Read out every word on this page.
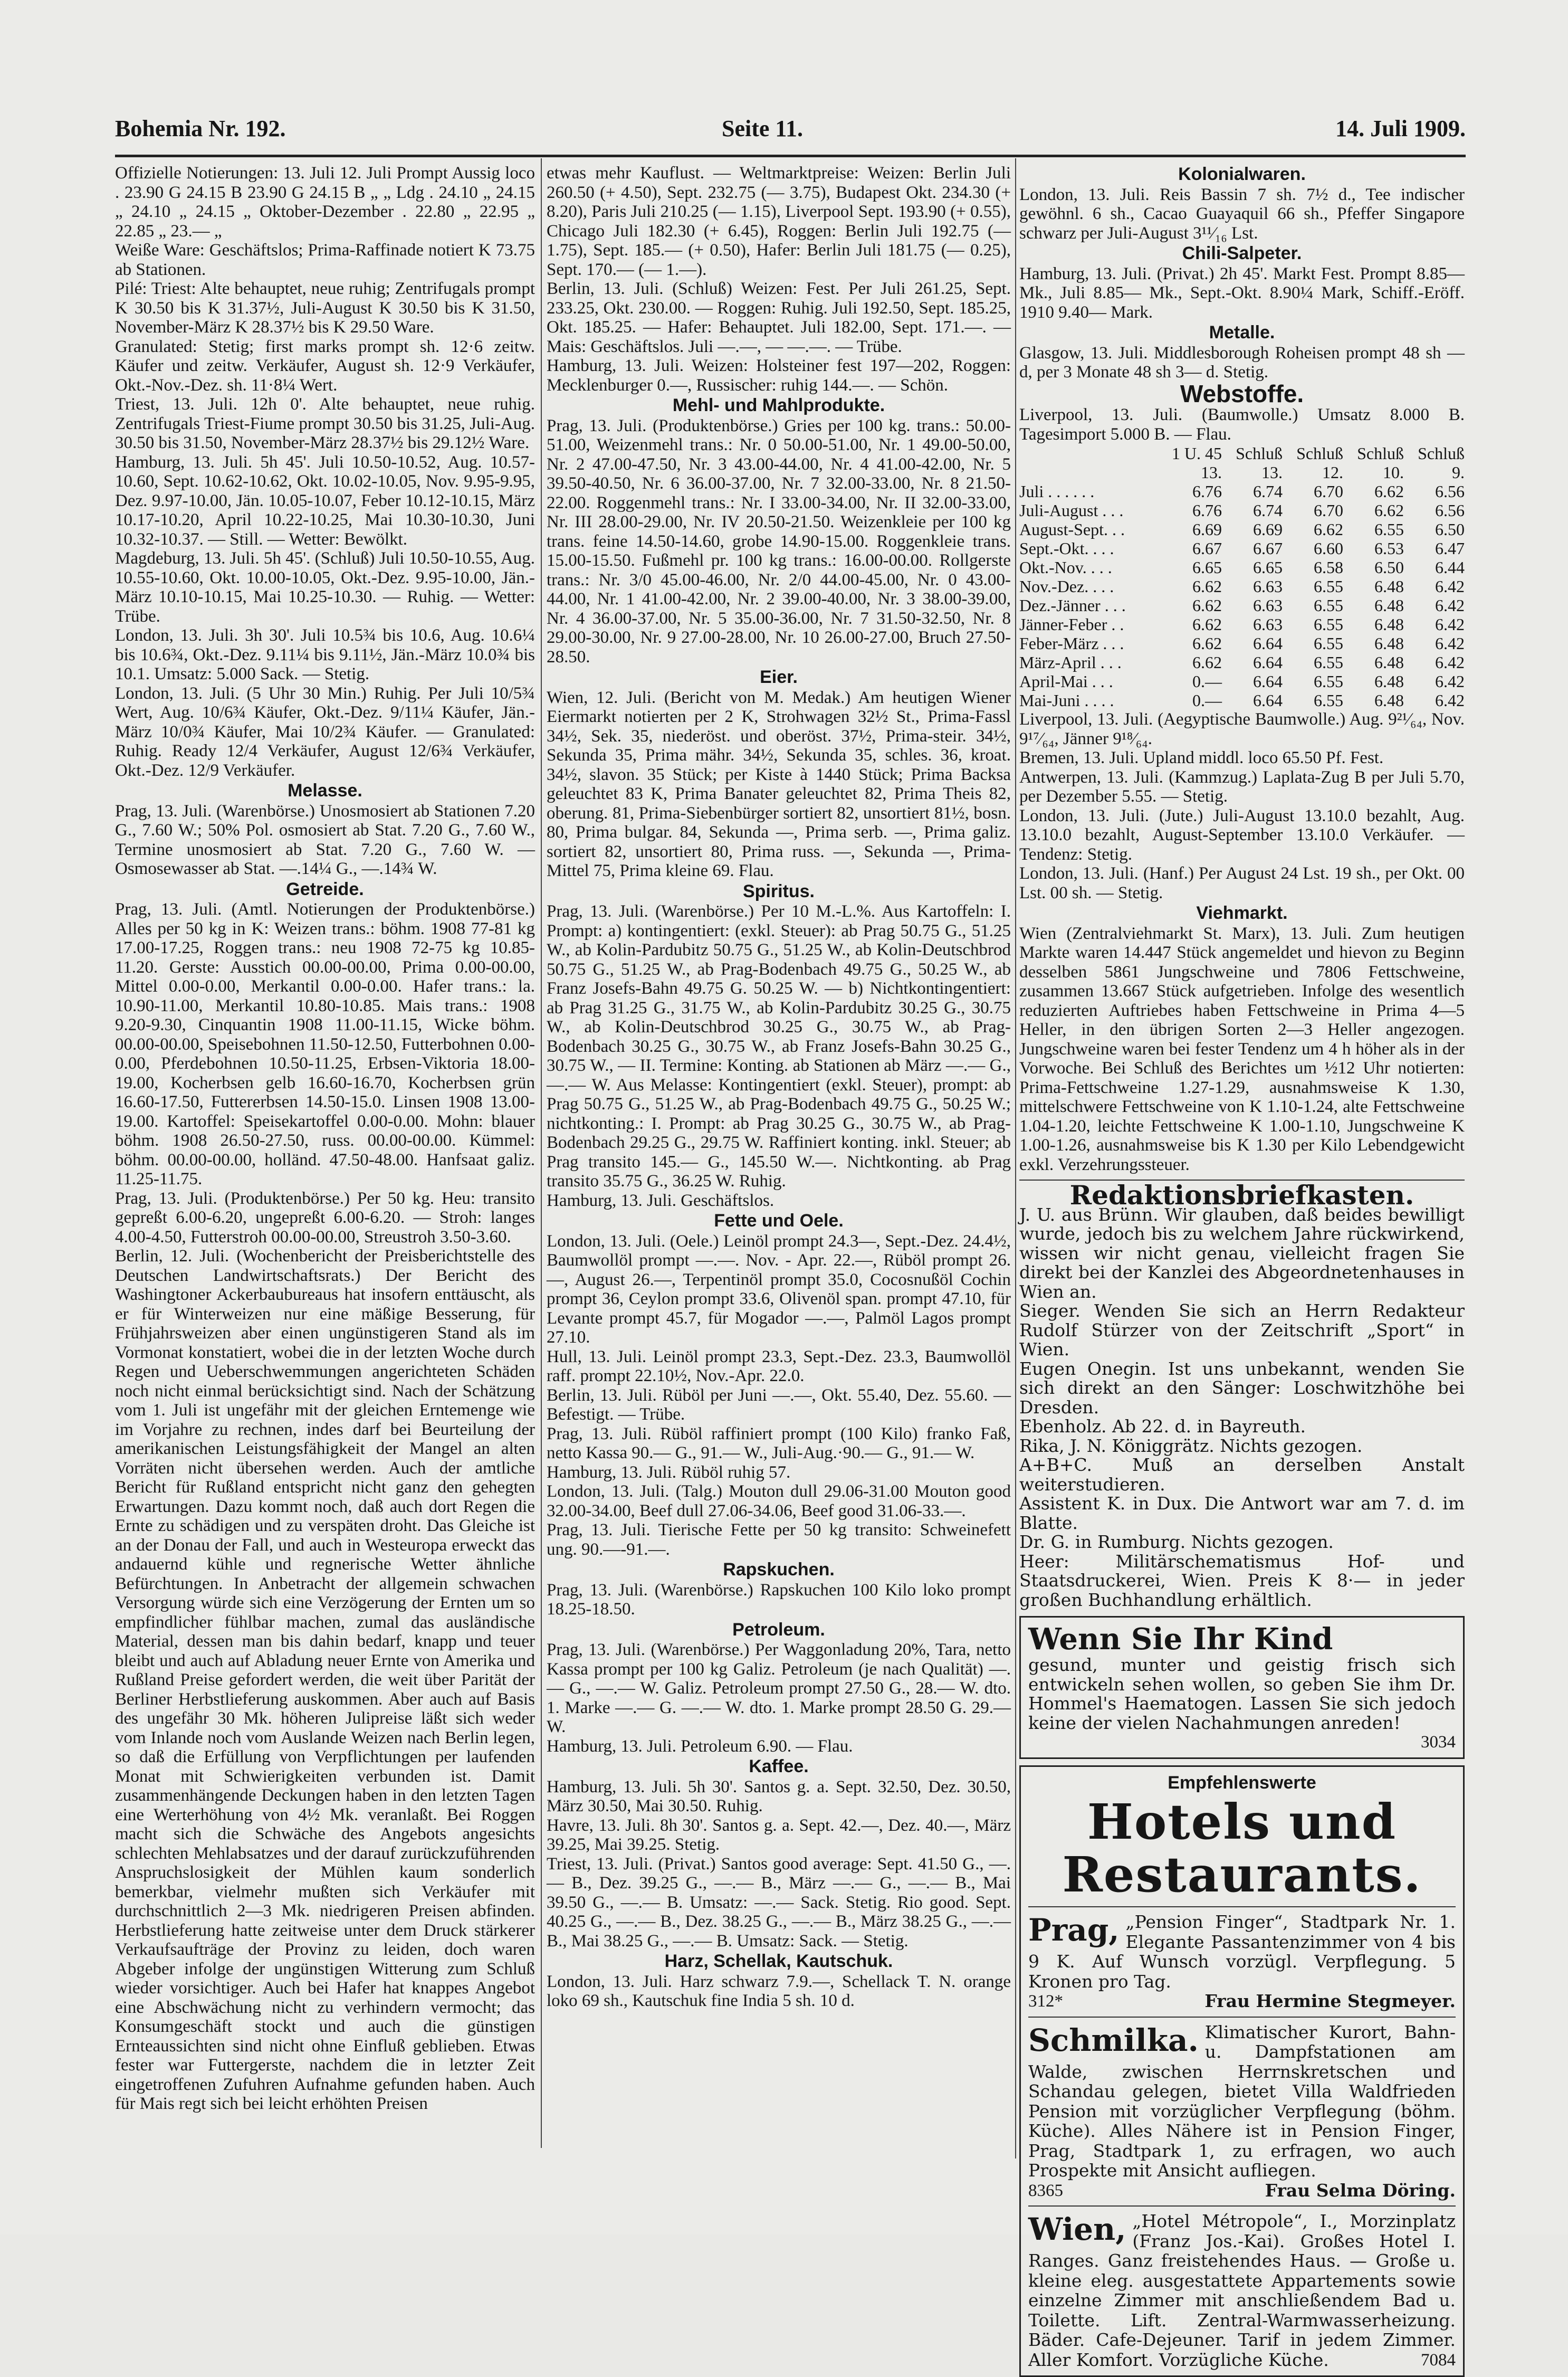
Bohemia Nr. 192.	Seite 11.	14. Juli 1909.

Offizielle Notierungen: 13. Juli 12. Juli Prompt Aussig loco . 23.90 G 24.15 B 23.90 G 24.15 B „ „ Ldg . 24.10 „ 24.15 „ 24.10 „ 24.15 „ Oktober-Dezember . 22.80 „ 22.95 „ 22.85 „ 23.— „

Weiße Ware: Geschäftslos; Prima-Raffinade notiert K 73.75 ab Stationen.

Pilé: Triest: Alte behauptet, neue ruhig; Zentrifugals prompt K 30.50 bis K 31.37½, Juli-August K 30.50 bis K 31.50, November-März K 28.37½ bis K 29.50 Ware.

Granulated: Stetig; first marks prompt sh. 12·6 zeitw. Käufer und zeitw. Verkäufer, August sh. 12·9 Verkäufer, Okt.-Nov.-Dez. sh. 11·8¼ Wert.

Triest, 13. Juli. 12h 0'. Alte behauptet, neue ruhig. Zentrifugals Triest-Fiume prompt 30.50 bis 31.25, Juli-Aug. 30.50 bis 31.50, November-März 28.37½ bis 29.12½ Ware.

Hamburg, 13. Juli. 5h 45'. Juli 10.50-10.52, Aug. 10.57-10.60, Sept. 10.62-10.62, Okt. 10.02-10.05, Nov. 9.95-9.95, Dez. 9.97-10.00, Jän. 10.05-10.07, Feber 10.12-10.15, März 10.17-10.20, April 10.22-10.25, Mai 10.30-10.30, Juni 10.32-10.37. — Still. — Wetter: Bewölkt.

Magdeburg, 13. Juli. 5h 45'. (Schluß) Juli 10.50-10.55, Aug. 10.55-10.60, Okt. 10.00-10.05, Okt.-Dez. 9.95-10.00, Jän.-März 10.10-10.15, Mai 10.25-10.30. — Ruhig. — Wetter: Trübe.

London, 13. Juli. 3h 30'. Juli 10.5¾ bis 10.6, Aug. 10.6¼ bis 10.6¾, Okt.-Dez. 9.11¼ bis 9.11½, Jän.-März 10.0¾ bis 10.1. Umsatz: 5.000 Sack. — Stetig.

London, 13. Juli. (5 Uhr 30 Min.) Ruhig. Per Juli 10/5¾ Wert, Aug. 10/6¾ Käufer, Okt.-Dez. 9/11¼ Käufer, Jän.-März 10/0¾ Käufer, Mai 10/2¾ Käufer. — Granulated: Ruhig. Ready 12/4 Verkäufer, August 12/6¾ Verkäufer, Okt.-Dez. 12/9 Verkäufer.

Melasse.

Prag, 13. Juli. (Warenbörse.) Unosmosiert ab Stationen 7.20 G., 7.60 W.; 50% Pol. osmosiert ab Stat. 7.20 G., 7.60 W., Termine unosmosiert ab Stat. 7.20 G., 7.60 W. — Osmosewasser ab Stat. —.14¼ G., —.14¾ W.

Getreide.

Prag, 13. Juli. (Amtl. Notierungen der Produktenbörse.) Alles per 50 kg in K: Weizen trans.: böhm. 1908 77-81 kg 17.00-17.25, Roggen trans.: neu 1908 72-75 kg 10.85-11.20. Gerste: Ausstich 00.00-00.00, Prima 0.00-00.00, Mittel 0.00-0.00, Merkantil 0.00-0.00. Hafer trans.: la. 10.90-11.00, Merkantil 10.80-10.85. Mais trans.: 1908 9.20-9.30, Cinquantin 1908 11.00-11.15, Wicke böhm. 00.00-00.00, Speisebohnen 11.50-12.50, Futterbohnen 0.00-0.00, Pferdebohnen 10.50-11.25, Erbsen-Viktoria 18.00-19.00, Kocherbsen gelb 16.60-16.70, Kocherbsen grün 16.60-17.50, Futtererbsen 14.50-15.0. Linsen 1908 13.00-19.00. Kartoffel: Speisekartoffel 0.00-0.00. Mohn: blauer böhm. 1908 26.50-27.50, russ. 00.00-00.00. Kümmel: böhm. 00.00-00.00, holländ. 47.50-48.00. Hanfsaat galiz. 11.25-11.75.

Prag, 13. Juli. (Produktenbörse.) Per 50 kg. Heu: transito gepreßt 6.00-6.20, ungepreßt 6.00-6.20. — Stroh: langes 4.00-4.50, Futterstroh 00.00-00.00, Streustroh 3.50-3.60.

Berlin, 12. Juli. (Wochenbericht der Preisberichtstelle des Deutschen Landwirtschaftsrats.) Der Bericht des Washingtoner Ackerbaubureaus hat insofern enttäuscht, als er für Winterweizen nur eine mäßige Besserung, für Frühjahrsweizen aber einen ungünstigeren Stand als im Vormonat konstatiert, wobei die in der letzten Woche durch Regen und Ueberschwemmungen angerichteten Schäden noch nicht einmal berücksichtigt sind. Nach der Schätzung vom 1. Juli ist ungefähr mit der gleichen Erntemenge wie im Vorjahre zu rechnen, indes darf bei Beurteilung der amerikanischen Leistungsfähigkeit der Mangel an alten Vorräten nicht übersehen werden. Auch der amtliche Bericht für Rußland entspricht nicht ganz den gehegten Erwartungen. Dazu kommt noch, daß auch dort Regen die Ernte zu schädigen und zu verspäten droht. Das Gleiche ist an der Donau der Fall, und auch in Westeuropa erweckt das andauernd kühle und regnerische Wetter ähnliche Befürchtungen. In Anbetracht der allgemein schwachen Versorgung würde sich eine Verzögerung der Ernten um so empfindlicher fühlbar machen, zumal das ausländische Material, dessen man bis dahin bedarf, knapp und teuer bleibt und auch auf Abladung neuer Ernte von Amerika und Rußland Preise gefordert werden, die weit über Parität der Berliner Herbstlieferung auskommen. Aber auch auf Basis des ungefähr 30 Mk. höheren Julipreise läßt sich weder vom Inlande noch vom Auslande Weizen nach Berlin legen, so daß die Erfüllung von Verpflichtungen per laufenden Monat mit Schwierigkeiten verbunden ist. Damit zusammenhängende Deckungen haben in den letzten Tagen eine Werterhöhung von 4½ Mk. veranlaßt. Bei Roggen macht sich die Schwäche des Angebots angesichts schlechten Mehlabsatzes und der darauf zurückzuführenden Anspruchslosigkeit der Mühlen kaum sonderlich bemerkbar, vielmehr mußten sich Verkäufer mit durchschnittlich 2—3 Mk. niedrigeren Preisen abfinden. Herbstlieferung hatte zeitweise unter dem Druck stärkerer Verkaufsaufträge der Provinz zu leiden, doch waren Abgeber infolge der ungünstigen Witterung zum Schluß wieder vorsichtiger. Auch bei Hafer hat knappes Angebot eine Abschwächung nicht zu verhindern vermocht; das Konsumgeschäft stockt und auch die günstigen Ernteaussichten sind nicht ohne Einfluß geblieben. Etwas fester war Futtergerste, nachdem die in letzter Zeit eingetroffenen Zufuhren Aufnahme gefunden haben. Auch für Mais regt sich bei leicht erhöhten Preisen

etwas mehr Kauflust. — Weltmarktpreise: Weizen: Berlin Juli 260.50 (+ 4.50), Sept. 232.75 (— 3.75), Budapest Okt. 234.30 (+ 8.20), Paris Juli 210.25 (— 1.15), Liverpool Sept. 193.90 (+ 0.55), Chicago Juli 182.30 (+ 6.45), Roggen: Berlin Juli 192.75 (— 1.75), Sept. 185.— (+ 0.50), Hafer: Berlin Juli 181.75 (— 0.25), Sept. 170.— (— 1.—).

Berlin, 13. Juli. (Schluß) Weizen: Fest. Per Juli 261.25, Sept. 233.25, Okt. 230.00. — Roggen: Ruhig. Juli 192.50, Sept. 185.25, Okt. 185.25. — Hafer: Behauptet. Juli 182.00, Sept. 171.—. — Mais: Geschäftslos. Juli —.—, — —.—. — Trübe.

Hamburg, 13. Juli. Weizen: Holsteiner fest 197—202, Roggen: Mecklenburger 0.—, Russischer: ruhig 144.—. — Schön.

Mehl- und Mahlprodukte.

Prag, 13. Juli. (Produktenbörse.) Gries per 100 kg. trans.: 50.00-51.00, Weizenmehl trans.: Nr. 0 50.00-51.00, Nr. 1 49.00-50.00, Nr. 2 47.00-47.50, Nr. 3 43.00-44.00, Nr. 4 41.00-42.00, Nr. 5 39.50-40.50, Nr. 6 36.00-37.00, Nr. 7 32.00-33.00, Nr. 8 21.50-22.00. Roggenmehl trans.: Nr. I 33.00-34.00, Nr. II 32.00-33.00, Nr. III 28.00-29.00, Nr. IV 20.50-21.50. Weizenkleie per 100 kg trans. feine 14.50-14.60, grobe 14.90-15.00. Roggenkleie trans. 15.00-15.50. Fußmehl pr. 100 kg trans.: 16.00-00.00. Rollgerste trans.: Nr. 3/0 45.00-46.00, Nr. 2/0 44.00-45.00, Nr. 0 43.00-44.00, Nr. 1 41.00-42.00, Nr. 2 39.00-40.00, Nr. 3 38.00-39.00, Nr. 4 36.00-37.00, Nr. 5 35.00-36.00, Nr. 7 31.50-32.50, Nr. 8 29.00-30.00, Nr. 9 27.00-28.00, Nr. 10 26.00-27.00, Bruch 27.50-28.50.

Eier.

Wien, 12. Juli. (Bericht von M. Medak.) Am heutigen Wiener Eiermarkt notierten per 2 K, Strohwagen 32½ St., Prima-Fassl 34½, Sek. 35, niederöst. und oberöst. 37½, Prima-steir. 34½, Sekunda 35, Prima mähr. 34½, Sekunda 35, schles. 36, kroat. 34½, slavon. 35 Stück; per Kiste à 1440 Stück; Prima Backsa geleuchtet 83 K, Prima Banater geleuchtet 82, Prima Theis 82, oberung. 81, Prima-Siebenbürger sortiert 82, unsortiert 81½, bosn. 80, Prima bulgar. 84, Sekunda —, Prima serb. —, Prima galiz. sortiert 82, unsortiert 80, Prima russ. —, Sekunda —, Prima-Mittel 75, Prima kleine 69. Flau.

Spiritus.

Prag, 13. Juli. (Warenbörse.) Per 10 M.-L.%. Aus Kartoffeln: I. Prompt: a) kontingentiert: (exkl. Steuer): ab Prag 50.75 G., 51.25 W., ab Kolin-Pardubitz 50.75 G., 51.25 W., ab Kolin-Deutschbrod 50.75 G., 51.25 W., ab Prag-Bodenbach 49.75 G., 50.25 W., ab Franz Josefs-Bahn 49.75 G. 50.25 W. — b) Nichtkontingentiert: ab Prag 31.25 G., 31.75 W., ab Kolin-Pardubitz 30.25 G., 30.75 W., ab Kolin-Deutschbrod 30.25 G., 30.75 W., ab Prag-Bodenbach 30.25 G., 30.75 W., ab Franz Josefs-Bahn 30.25 G., 30.75 W., — II. Termine: Konting. ab Stationen ab März —.— G., —.— W. Aus Melasse: Kontingentiert (exkl. Steuer), prompt: ab Prag 50.75 G., 51.25 W., ab Prag-Bodenbach 49.75 G., 50.25 W.; nichtkonting.: I. Prompt: ab Prag 30.25 G., 30.75 W., ab Prag-Bodenbach 29.25 G., 29.75 W. Raffiniert konting. inkl. Steuer; ab Prag transito 145.— G., 145.50 W.—. Nichtkonting. ab Prag transito 35.75 G., 36.25 W. Ruhig.

Hamburg, 13. Juli. Geschäftslos.

Fette und Oele.

London, 13. Juli. (Oele.) Leinöl prompt 24.3—, Sept.-Dez. 24.4½, Baumwollöl prompt —.—. Nov. - Apr. 22.—, Rüböl prompt 26.—, August 26.—, Terpentinöl prompt 35.0, Cocosnußöl Cochin prompt 36, Ceylon prompt 33.6, Olivenöl span. prompt 47.10, für Levante prompt 45.7, für Mogador —.—, Palmöl Lagos prompt 27.10.

Hull, 13. Juli. Leinöl prompt 23.3, Sept.-Dez. 23.3, Baumwollöl raff. prompt 22.10½, Nov.-Apr. 22.0.

Berlin, 13. Juli. Rüböl per Juni —.—, Okt. 55.40, Dez. 55.60. — Befestigt. — Trübe.

Prag, 13. Juli. Rüböl raffiniert prompt (100 Kilo) franko Faß, netto Kassa 90.— G., 91.— W., Juli-Aug.·90.— G., 91.— W.

Hamburg, 13. Juli. Rüböl ruhig 57.

London, 13. Juli. (Talg.) Mouton dull 29.06-31.00 Mouton good 32.00-34.00, Beef dull 27.06-34.06, Beef good 31.06-33.—.

Prag, 13. Juli. Tierische Fette per 50 kg transito: Schweinefett ung. 90.—-91.—.

Rapskuchen.

Prag, 13. Juli. (Warenbörse.) Rapskuchen 100 Kilo loko prompt 18.25-18.50.

Petroleum.

Prag, 13. Juli. (Warenbörse.) Per Waggonladung 20%, Tara, netto Kassa prompt per 100 kg Galiz. Petroleum (je nach Qualität) —.— G., —.— W. Galiz. Petroleum prompt 27.50 G., 28.— W. dto. 1. Marke —.— G. —.— W. dto. 1. Marke prompt 28.50 G. 29.— W.

Hamburg, 13. Juli. Petroleum 6.90. — Flau.

Kaffee.

Hamburg, 13. Juli. 5h 30'. Santos g. a. Sept. 32.50, Dez. 30.50, März 30.50, Mai 30.50. Ruhig.

Havre, 13. Juli. 8h 30'. Santos g. a. Sept. 42.—, Dez. 40.—, März 39.25, Mai 39.25. Stetig.

Triest, 13. Juli. (Privat.) Santos good average: Sept. 41.50 G., —.— B., Dez. 39.25 G., —.— B., März —.— G., —.— B., Mai 39.50 G., —.— B. Umsatz: —.— Sack. Stetig. Rio good. Sept. 40.25 G., —.— B., Dez. 38.25 G., —.— B., März 38.25 G., —.— B., Mai 38.25 G., —.— B. Umsatz: Sack. — Stetig.

Harz, Schellak, Kautschuk.

London, 13. Juli. Harz schwarz 7.9.—, Schellack T. N. orange loko 69 sh., Kautschuk fine India 5 sh. 10 d.

Kolonialwaren.

London, 13. Juli. Reis Bassin 7 sh. 7½ d., Tee indischer gewöhnl. 6 sh., Cacao Guayaquil 66 sh., Pfeffer Singapore schwarz per Juli-August 3¹¹⁄₁₆ Lst.

Chili-Salpeter.

Hamburg, 13. Juli. (Privat.) 2h 45'. Markt Fest. Prompt 8.85— Mk., Juli 8.85— Mk., Sept.-Okt. 8.90¼ Mark, Schiff.-Eröff. 1910 9.40— Mark.

Metalle.

Glasgow, 13. Juli. Middlesborough Roheisen prompt 48 sh — d, per 3 Monate 48 sh 3— d. Stetig.

Webstoffe.

Liverpool, 13. Juli. (Baumwolle.) Umsatz 8.000 B. Tagesimport 5.000 B. — Flau.

	1 U. 45	Schluß	Schluß	Schluß	Schluß
	13.	13.	12.	10.	9.
Juli . . . . . .	6.76	6.74	6.70	6.62	6.56
Juli-August . . .	6.76	6.74	6.70	6.62	6.56
August-Sept. . .	6.69	6.69	6.62	6.55	6.50
Sept.-Okt. . . .	6.67	6.67	6.60	6.53	6.47
Okt.-Nov. . . .	6.65	6.65	6.58	6.50	6.44
Nov.-Dez. . . .	6.62	6.63	6.55	6.48	6.42
Dez.-Jänner . . .	6.62	6.63	6.55	6.48	6.42
Jänner-Feber . .	6.62	6.63	6.55	6.48	6.42
Feber-März . . .	6.62	6.64	6.55	6.48	6.42
März-April . . .	6.62	6.64	6.55	6.48	6.42
April-Mai . . .	0.—	6.64	6.55	6.48	6.42
Mai-Juni . . . .	0.—	6.64	6.55	6.48	6.42

Liverpool, 13. Juli. (Aegyptische Baumwolle.) Aug. 9²¹⁄₆₄, Nov. 9¹⁷⁄₆₄, Jänner 9¹⁸⁄₆₄.

Bremen, 13. Juli. Upland middl. loco 65.50 Pf. Fest.

Antwerpen, 13. Juli. (Kammzug.) Laplata-Zug B per Juli 5.70, per Dezember 5.55. — Stetig.

London, 13. Juli. (Jute.) Juli-August 13.10.0 bezahlt, Aug. 13.10.0 bezahlt, August-September 13.10.0 Verkäufer. — Tendenz: Stetig.

London, 13. Juli. (Hanf.) Per August 24 Lst. 19 sh., per Okt. 00 Lst. 00 sh. — Stetig.

Viehmarkt.

Wien (Zentralviehmarkt St. Marx), 13. Juli. Zum heutigen Markte waren 14.447 Stück angemeldet und hievon zu Beginn desselben 5861 Jungschweine und 7806 Fettschweine, zusammen 13.667 Stück aufgetrieben. Infolge des wesentlich reduzierten Auftriebes haben Fettschweine in Prima 4—5 Heller, in den übrigen Sorten 2—3 Heller angezogen. Jungschweine waren bei fester Tendenz um 4 h höher als in der Vorwoche. Bei Schluß des Berichtes um ½12 Uhr notierten: Prima-Fettschweine 1.27-1.29, ausnahmsweise K 1.30, mittelschwere Fettschweine von K 1.10-1.24, alte Fettschweine 1.04-1.20, leichte Fettschweine K 1.00-1.10, Jungschweine K 1.00-1.26, ausnahmsweise bis K 1.30 per Kilo Lebendgewicht exkl. Verzehrungssteuer.

Redaktionsbriefkasten.

J. U. aus Brünn. Wir glauben, daß beides bewilligt wurde, jedoch bis zu welchem Jahre rückwirkend, wissen wir nicht genau, vielleicht fragen Sie direkt bei der Kanzlei des Abgeordnetenhauses in Wien an.

Sieger. Wenden Sie sich an Herrn Redakteur Rudolf Stürzer von der Zeitschrift „Sport“ in Wien.

Eugen Onegin. Ist uns unbekannt, wenden Sie sich direkt an den Sänger: Loschwitzhöhe bei Dresden.

Ebenholz. Ab 22. d. in Bayreuth.

Rika, J. N. Königgrätz. Nichts gezogen.

A+B+C. Muß an derselben Anstalt weiterstudieren.

Assistent K. in Dux. Die Antwort war am 7. d. im Blatte.

Dr. G. in Rumburg. Nichts gezogen.

Heer: Militärschematismus Hof- und Staatsdruckerei, Wien. Preis K 8·— in jeder großen Buchhandlung erhältlich.

Wenn Sie Ihr Kind

gesund, munter und geistig frisch sich entwickeln sehen wollen, so geben Sie ihm Dr. Hommel's Haematogen. Lassen Sie sich jedoch keine der vielen Nachahmungen anreden!

3034

Empfehlenswerte

Hotels und Restaurants.
Prag, „Pension Finger“, Stadtpark Nr. 1. Elegante Passantenzimmer von 4 bis 9 K. Auf Wunsch vorzügl. Verpflegung. 5 Kronen pro Tag.
312*	Frau Hermine Stegmeyer.
Schmilka. Klimatischer Kurort, Bahn- u. Dampfstationen am Walde, zwischen Herrnskretschen und Schandau gelegen, bietet Villa Waldfrieden Pension mit vorzüglicher Verpflegung (böhm. Küche). Alles Nähere ist in Pension Finger, Prag, Stadtpark 1, zu erfragen, wo auch Prospekte mit Ansicht aufliegen.
8365	Frau Selma Döring.
Wien, „Hotel Métropole“, I., Morzinplatz (Franz Jos.-Kai). Großes Hotel I. Ranges. Ganz freistehendes Haus. — Große u. kleine eleg. ausgestattete Appartements sowie einzelne Zimmer mit anschließendem Bad u. Toilette. Lift. Zentral-Warmwasserheizung. Bäder. Cafe-Dejeuner. Tarif in jedem Zimmer. Aller Komfort. Vorzügliche Küche.	7084
